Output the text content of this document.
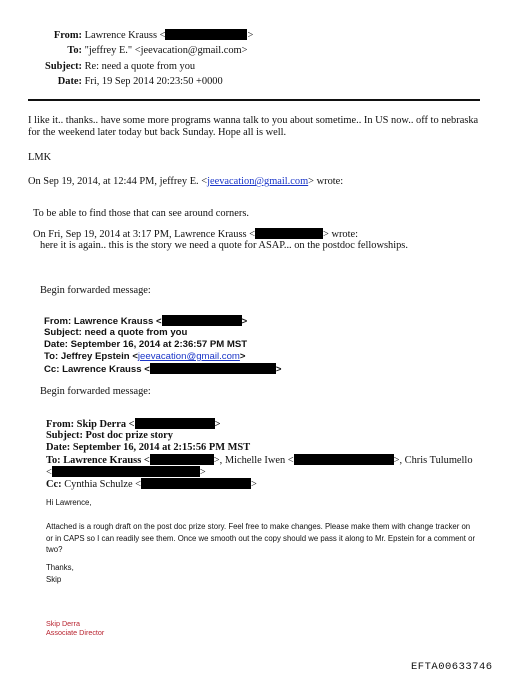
From: Lawrence Krauss <	>
To: "jeffrey E." <jeevacation@gmail.com>
Subject: Re: need a quote from you
Date: Fri, 19 Sep 2014 20:23:50 +0000
I like it.. thanks.. have some more programs wanna talk to you about sometime.. In US now.. off to nebraska for the weekend later today but back Sunday. Hope all is well.
LMK
On Sep 19, 2014, at 12:44 PM, jeffrey E. <jeevacation@gmail.com> wrote:
To be able to find those that can see around corners.
On Fri, Sep 19, 2014 at 3:17 PM, Lawrence Krauss <	> wrote:
here it is again.. this is the story we need a quote for ASAP... on the postdoc fellowships.
Begin forwarded message:
From: Lawrence Krauss <	>
Subject: need a quote from you
Date: September 16, 2014 at 2:36:57 PM MST
To: Jeffrey Epstein <jeevacation@gmail.com>
Cc: Lawrence Krauss <	>
Begin forwarded message:
From: Skip Derra <	>
Subject: Post doc prize story
Date: September 16, 2014 at 2:15:56 PM MST
To: Lawrence Krauss <	>, Michelle Iwen <	>, Chris Tulumello
<	>
Cc: Cynthia Schulze <	>
Hi Lawrence,
Attached is a rough draft on the post doc prize story. Feel free to make changes. Please make them with change tracker on or in CAPS so I can readily see them. Once we smooth out the copy should we pass it along to Mr. Epstein for a comment or two?
Thanks,
Skip
Skip Derra
Associate Director
EFTA00633746
